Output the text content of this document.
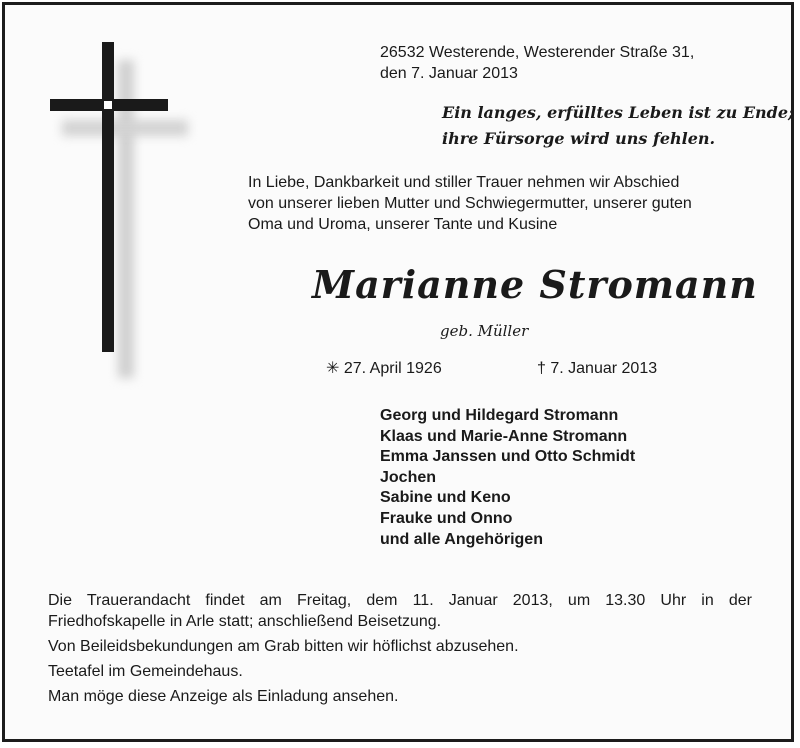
26532 Westerende, Westerender Straße 31,
den 7. Januar 2013
Ein langes, erfülltes Leben ist zu Ende;
ihre Fürsorge wird uns fehlen.
In Liebe, Dankbarkeit und stiller Trauer nehmen wir Abschied
von unserer lieben Mutter und Schwiegermutter, unserer guten
Oma und Uroma, unserer Tante und Kusine
Marianne Stromann
geb. Müller
✳ 27. April 1926	† 7. Januar 2013
Georg und Hildegard Stromann
Klaas und Marie-Anne Stromann
Emma Janssen und Otto Schmidt
Jochen
Sabine und Keno
Frauke und Onno
und alle Angehörigen

Die Trauerandacht findet am Freitag, dem 11. Januar 2013, um 13.30 Uhr in der

Friedhofskapelle in Arle statt; anschließend Beisetzung.

Von Beileidsbekundungen am Grab bitten wir höflichst abzusehen.

Teetafel im Gemeindehaus.

Man möge diese Anzeige als Einladung ansehen.
